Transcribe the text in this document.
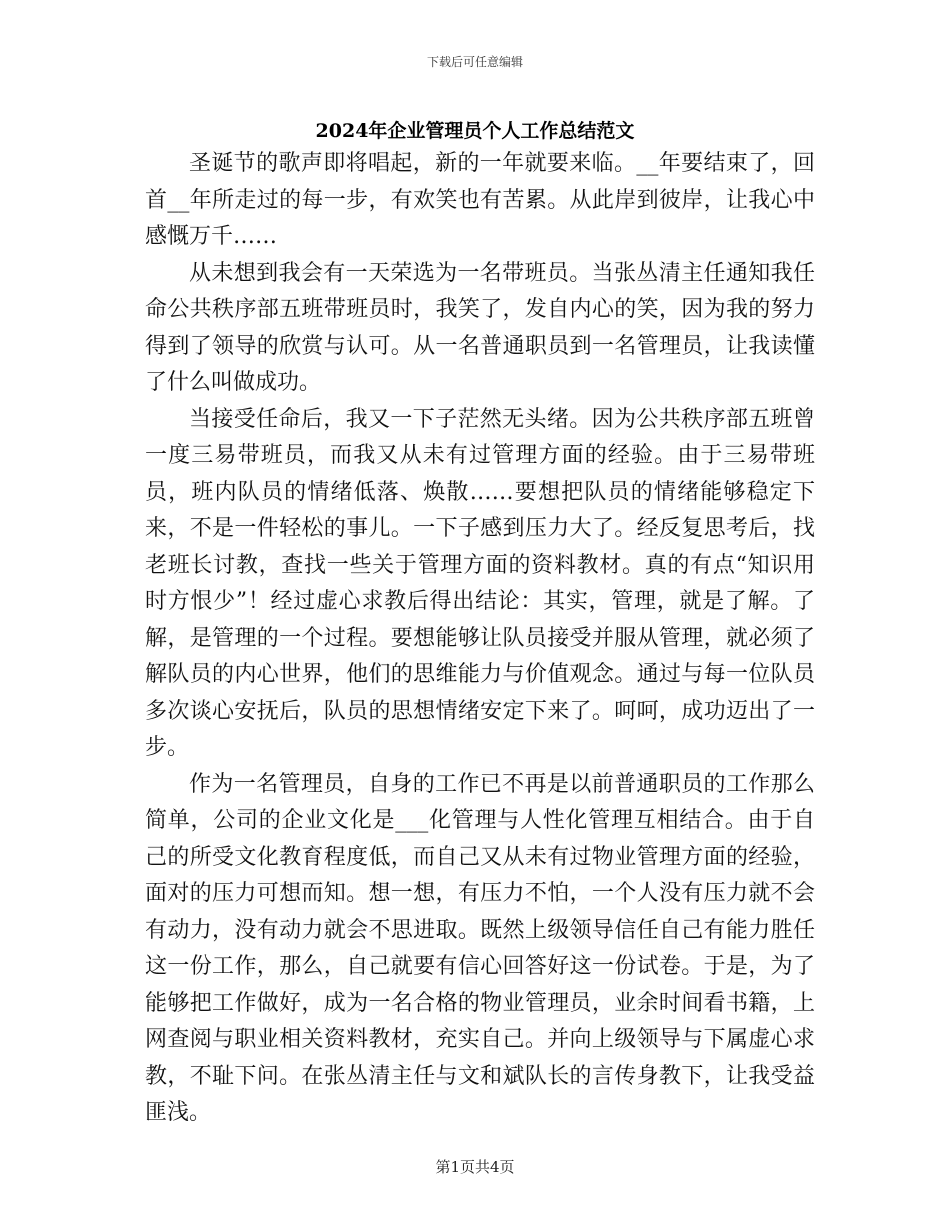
下载后可任意编辑
2024年企业管理员个人工作总结范文

圣诞节的歌声即将唱起，新的一年就要来临。__年要结束了，回首__年所走过的每一步，有欢笑也有苦累。从此岸到彼岸，让我心中感慨万千……

从未想到我会有一天荣选为一名带班员。当张丛清主任通知我任命公共秩序部五班带班员时，我笑了，发自内心的笑，因为我的努力得到了领导的欣赏与认可。从一名普通职员到一名管理员，让我读懂了什么叫做成功。

当接受任命后，我又一下子茫然无头绪。因为公共秩序部五班曾一度三易带班员，而我又从未有过管理方面的经验。由于三易带班员，班内队员的情绪低落、焕散……要想把队员的情绪能够稳定下来，不是一件轻松的事儿。一下子感到压力大了。经反复思考后，找老班长讨教，查找一些关于管理方面的资料教材。真的有点“知识用时方恨少”！经过虚心求教后得出结论：其实，管理，就是了解。了解，是管理的一个过程。要想能够让队员接受并服从管理，就必须了解队员的内心世界，他们的思维能力与价值观念。通过与每一位队员多次谈心安抚后，队员的思想情绪安定下来了。呵呵，成功迈出了一步。

作为一名管理员，自身的工作已不再是以前普通职员的工作那么简单，公司的企业文化是___化管理与人性化管理互相结合。由于自己的所受文化教育程度低，而自己又从未有过物业管理方面的经验，面对的压力可想而知。想一想，有压力不怕，一个人没有压力就不会有动力，没有动力就会不思进取。既然上级领导信任自己有能力胜任这一份工作，那么，自己就要有信心回答好这一份试卷。于是，为了能够把工作做好，成为一名合格的物业管理员，业余时间看书籍，上网查阅与职业相关资料教材，充实自己。并向上级领导与下属虚心求教，不耻下问。在张丛清主任与文和斌队长的言传身教下，让我受益匪浅。

第1页共4页
